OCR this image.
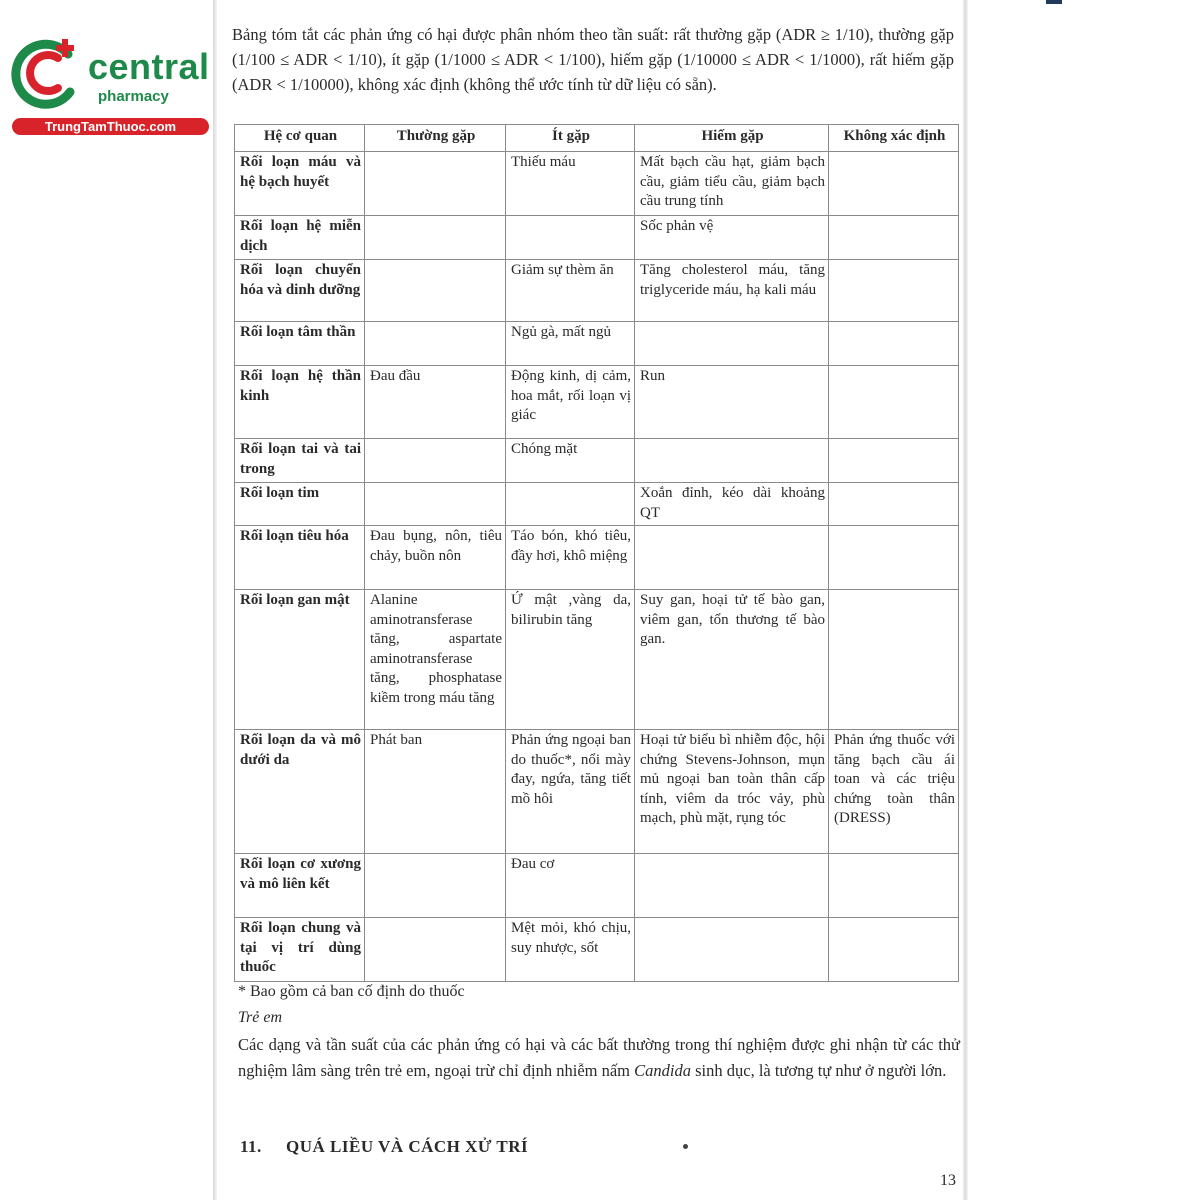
central
pharmacy
TrungTamThuoc.com
Bảng tóm tắt các phản ứng có hại được phân nhóm theo tần suất: rất thường gặp (ADR ≥ 1/10), thường gặp (1/100 ≤ ADR < 1/10), ít gặp (1/1000 ≤ ADR < 1/100), hiếm gặp (1/10000 ≤ ADR < 1/1000), rất hiếm gặp (ADR < 1/10000), không xác định (không thể ước tính từ dữ liệu có sẵn).
Hệ cơ quan	Thường gặp	Ít gặp	Hiếm gặp	Không xác định
Rối loạn máu và hệ bạch huyết		Thiếu máu	Mất bạch cầu hạt, giảm bạch cầu, giảm tiểu cầu, giảm bạch cầu trung tính	
Rối loạn hệ miễn dịch			Sốc phản vệ	
Rối loạn chuyển hóa và dinh dưỡng		Giảm sự thèm ăn	Tăng cholesterol máu, tăng triglyceride máu, hạ kali máu	
Rối loạn tâm thần		Ngủ gà, mất ngủ		
Rối loạn hệ thần kinh	Đau đầu	Động kinh, dị cảm, hoa mắt, rối loạn vị giác	Run	
Rối loạn tai và tai trong		Chóng mặt		
Rối loạn tim			Xoắn đỉnh, kéo dài khoảng QT	
Rối loạn tiêu hóa	Đau bụng, nôn, tiêu chảy, buồn nôn	Táo bón, khó tiêu, đầy hơi, khô miệng		
Rối loạn gan mật	Alanine aminotransferase tăng, aspartate aminotransferase tăng, phosphatase kiềm trong máu tăng	Ứ mật ,vàng da, bilirubin tăng	Suy gan, hoại tử tế bào gan, viêm gan, tổn thương tế bào gan.	
Rối loạn da và mô dưới da	Phát ban	Phản ứng ngoại ban do thuốc*, nổi mày đay, ngứa, tăng tiết mồ hôi	Hoại tử biểu bì nhiễm độc, hội chứng Stevens-Johnson, mụn mủ ngoại ban toàn thân cấp tính, viêm da tróc vảy, phù mạch, phù mặt, rụng tóc	Phản ứng thuốc với tăng bạch cầu ái toan và các triệu chứng toàn thân (DRESS)
Rối loạn cơ xương và mô liên kết		Đau cơ		
Rối loạn chung và tại vị trí dùng thuốc		Mệt mỏi, khó chịu, suy nhược, sốt		
* Bao gồm cả ban cố định do thuốc
Trẻ em
Các dạng và tần suất của các phản ứng có hại và các bất thường trong thí nghiệm được ghi nhận từ các thử nghiệm lâm sàng trên trẻ em, ngoại trừ chỉ định nhiễm nấm Candida sinh dục, là tương tự như ở người lớn.
11. QUÁ LIỀU VÀ CÁCH XỬ TRÍ
13
